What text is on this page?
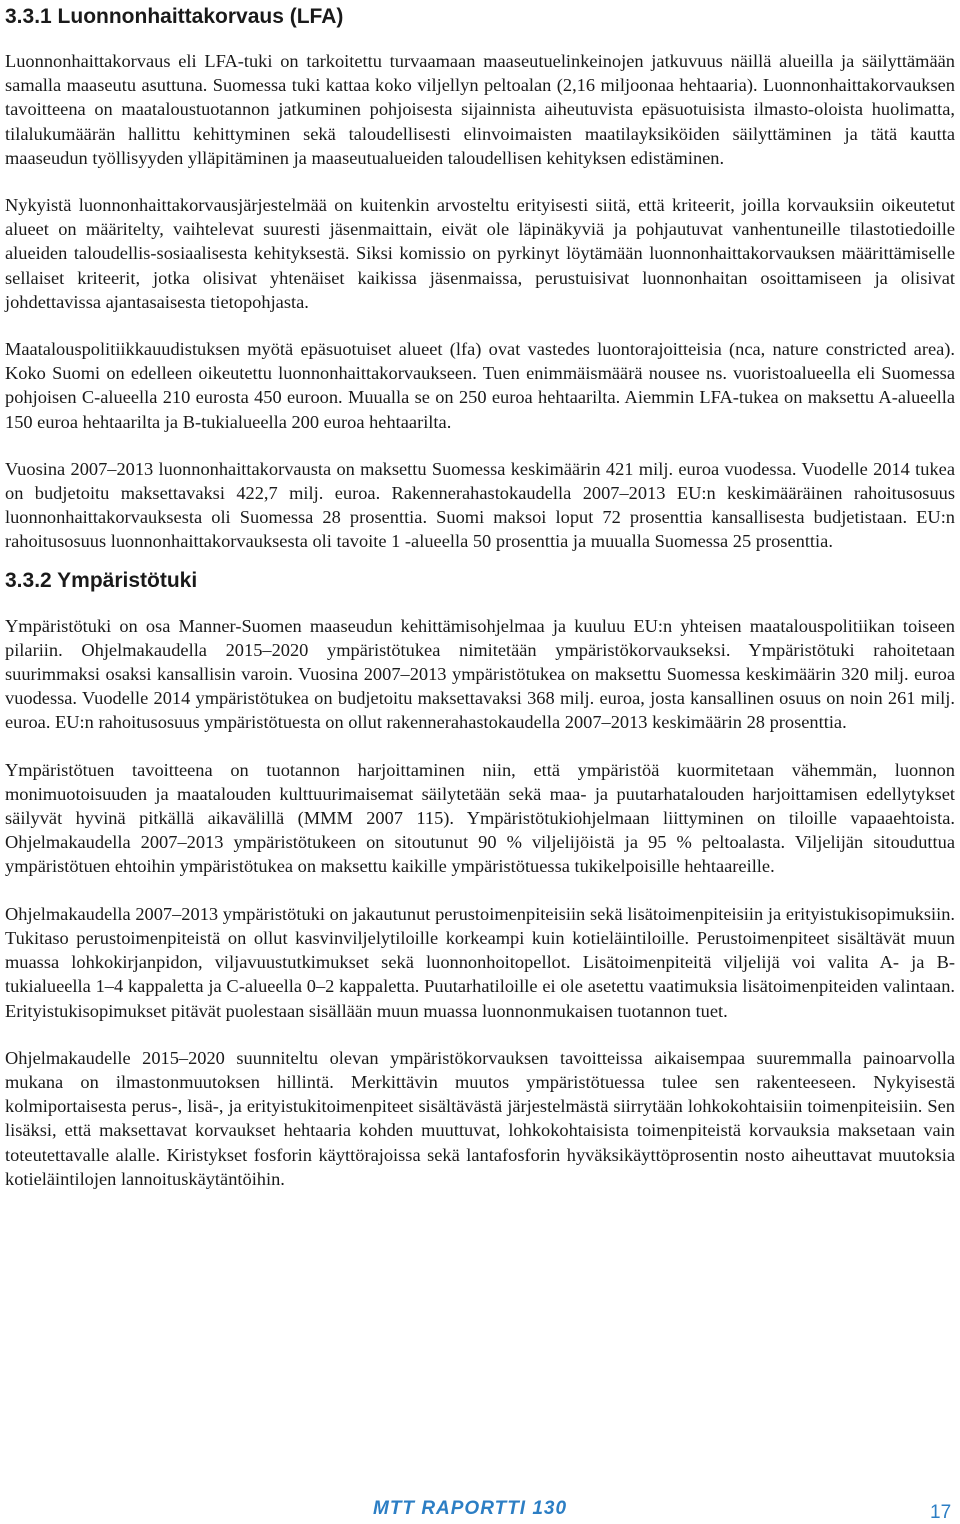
3.3.1 Luonnonhaittakorvaus (LFA)

Luonnonhaittakorvaus eli LFA-tuki on tarkoitettu turvaamaan maaseutuelinkeinojen jatkuvuus näillä alueilla ja säilyttämään samalla maaseutu asuttuna. Suomessa tuki kattaa koko viljellyn peltoalan (2,16 miljoonaa hehtaaria). Luonnonhaittakorvauksen tavoitteena on maataloustuotannon jatkuminen pohjoisesta sijainnista aiheutuvista epäsuotuisista ilmasto-oloista huolimatta, tilalukumäärän hallittu kehittyminen sekä taloudellisesti elinvoimaisten maatilayksiköiden säilyttäminen ja tätä kautta maaseudun työllisyyden ylläpitäminen ja maaseutualueiden taloudellisen kehityksen edistäminen.

Nykyistä luonnonhaittakorvausjärjestelmää on kuitenkin arvosteltu erityisesti siitä, että kriteerit, joilla korvauksiin oikeutetut alueet on määritelty, vaihtelevat suuresti jäsenmaittain, eivät ole läpinäkyviä ja pohjautuvat vanhentuneille tilastotiedoille alueiden taloudellis-sosiaalisesta kehityksestä. Siksi komissio on pyrkinyt löytämään luonnonhaittakorvauksen määrittämiselle sellaiset kriteerit, jotka olisivat yhtenäiset kaikissa jäsenmaissa, perustuisivat luonnonhaitan osoittamiseen ja olisivat johdettavissa ajantasaisesta tietopohjasta.

Maatalouspolitiikkauudistuksen myötä epäsuotuiset alueet (lfa) ovat vastedes luontorajoitteisia (nca, nature constricted area). Koko Suomi on edelleen oikeutettu luonnonhaittakorvaukseen. Tuen enimmäismäärä nousee ns. vuoristoalueella eli Suomessa pohjoisen C-alueella 210 eurosta 450 euroon. Muualla se on 250 euroa hehtaarilta. Aiemmin LFA-tukea on maksettu A-alueella 150 euroa hehtaarilta ja B-tukialueella 200 euroa hehtaarilta.

Vuosina 2007–2013 luonnonhaittakorvausta on maksettu Suomessa keskimäärin 421 milj. euroa vuodessa. Vuodelle 2014 tukea on budjetoitu maksettavaksi 422,7 milj. euroa. Rakennerahastokaudella 2007–2013 EU:n keskimääräinen rahoitusosuus luonnonhaittakorvauksesta oli Suomessa 28 prosenttia. Suomi maksoi loput 72 prosenttia kansallisesta budjetistaan. EU:n rahoitusosuus luonnonhaittakorvauksesta oli tavoite 1 -alueella 50 prosenttia ja muualla Suomessa 25 prosenttia.

3.3.2 Ympäristötuki

Ympäristötuki on osa Manner-Suomen maaseudun kehittämisohjelmaa ja kuuluu EU:n yhteisen maatalouspolitiikan toiseen pilariin. Ohjelmakaudella 2015–2020 ympäristötukea nimitetään ympäristökorvaukseksi. Ympäristötuki rahoitetaan suurimmaksi osaksi kansallisin varoin. Vuosina 2007–2013 ympäristötukea on maksettu Suomessa keskimäärin 320 milj. euroa vuodessa. Vuodelle 2014 ympäristötukea on budjetoitu maksettavaksi 368 milj. euroa, josta kansallinen osuus on noin 261 milj. euroa. EU:n rahoitusosuus ympäristötuesta on ollut rakennerahastokaudella 2007–2013 keskimäärin 28 prosenttia.

Ympäristötuen tavoitteena on tuotannon harjoittaminen niin, että ympäristöä kuormitetaan vähemmän, luonnon monimuotoisuuden ja maatalouden kulttuurimaisemat säilytetään sekä maa- ja puutarhatalouden harjoittamisen edellytykset säilyvät hyvinä pitkällä aikavälillä (MMM 2007 115). Ympäristötukiohjelmaan liittyminen on tiloille vapaaehtoista. Ohjelmakaudella 2007–2013 ympäristötukeen on sitoutunut 90 % viljelijöistä ja 95 % peltoalasta. Viljelijän sitouduttua ympäristötuen ehtoihin ympäristötukea on maksettu kaikille ympäristötuessa tukikelpoisille hehtaareille.

Ohjelmakaudella 2007–2013 ympäristötuki on jakautunut perustoimenpiteisiin sekä lisätoimenpiteisiin ja erityistukisopimuksiin. Tukitaso perustoimenpiteistä on ollut kasvinviljelytiloille korkeampi kuin kotieläintiloille. Perustoimenpiteet sisältävät muun muassa lohkokirjanpidon, viljavuustutkimukset sekä luonnonhoitopellot. Lisätoimenpiteitä viljelijä voi valita A- ja B-tukialueella 1–4 kappaletta ja C-alueella 0–2 kappaletta. Puutarhatiloille ei ole asetettu vaatimuksia lisätoimenpiteiden valintaan. Erityistukisopimukset pitävät puolestaan sisällään muun muassa luonnonmukaisen tuotannon tuet.

Ohjelmakaudelle 2015–2020 suunniteltu olevan ympäristökorvauksen tavoitteissa aikaisempaa suuremmalla painoarvolla mukana on ilmastonmuutoksen hillintä. Merkittävin muutos ympäristötuessa tulee sen rakenteeseen. Nykyisestä kolmiportaisesta perus-, lisä-, ja erityistukitoimenpiteet sisältävästä järjestelmästä siirrytään lohkokohtaisiin toimenpiteisiin. Sen lisäksi, että maksettavat korvaukset hehtaaria kohden muuttuvat, lohkokohtaisista toimenpiteistä korvauksia maksetaan vain toteutettavalle alalle. Kiristykset fosforin käyttörajoissa sekä lantafosforin hyväksikäyttöprosentin nosto aiheuttavat muutoksia kotieläintilojen lannoituskäytäntöihin.

MTT RAPORTTI 130	17
